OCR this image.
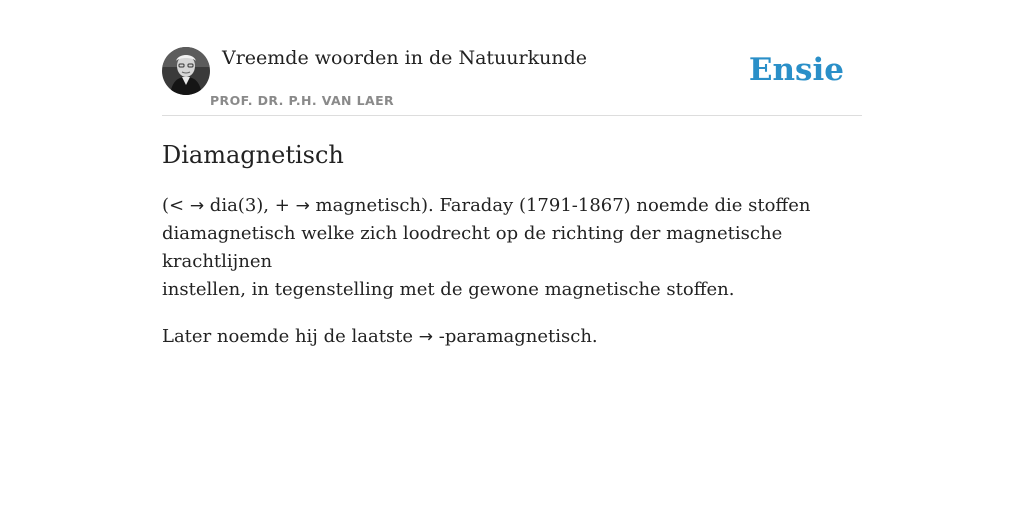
Vreemde woorden in de Natuurkunde
PROF. DR. P.H. VAN LAER
Ensie
Diamagnetisch

(< → dia(3), + → magnetisch). Faraday (1791-1867) noemde die stoffen
diamagnetisch welke zich loodrecht op de richting der magnetische krachtlijnen
instellen, in tegenstelling met de gewone magnetische stoffen.

Later noemde hij de laatste → -paramagnetisch.
